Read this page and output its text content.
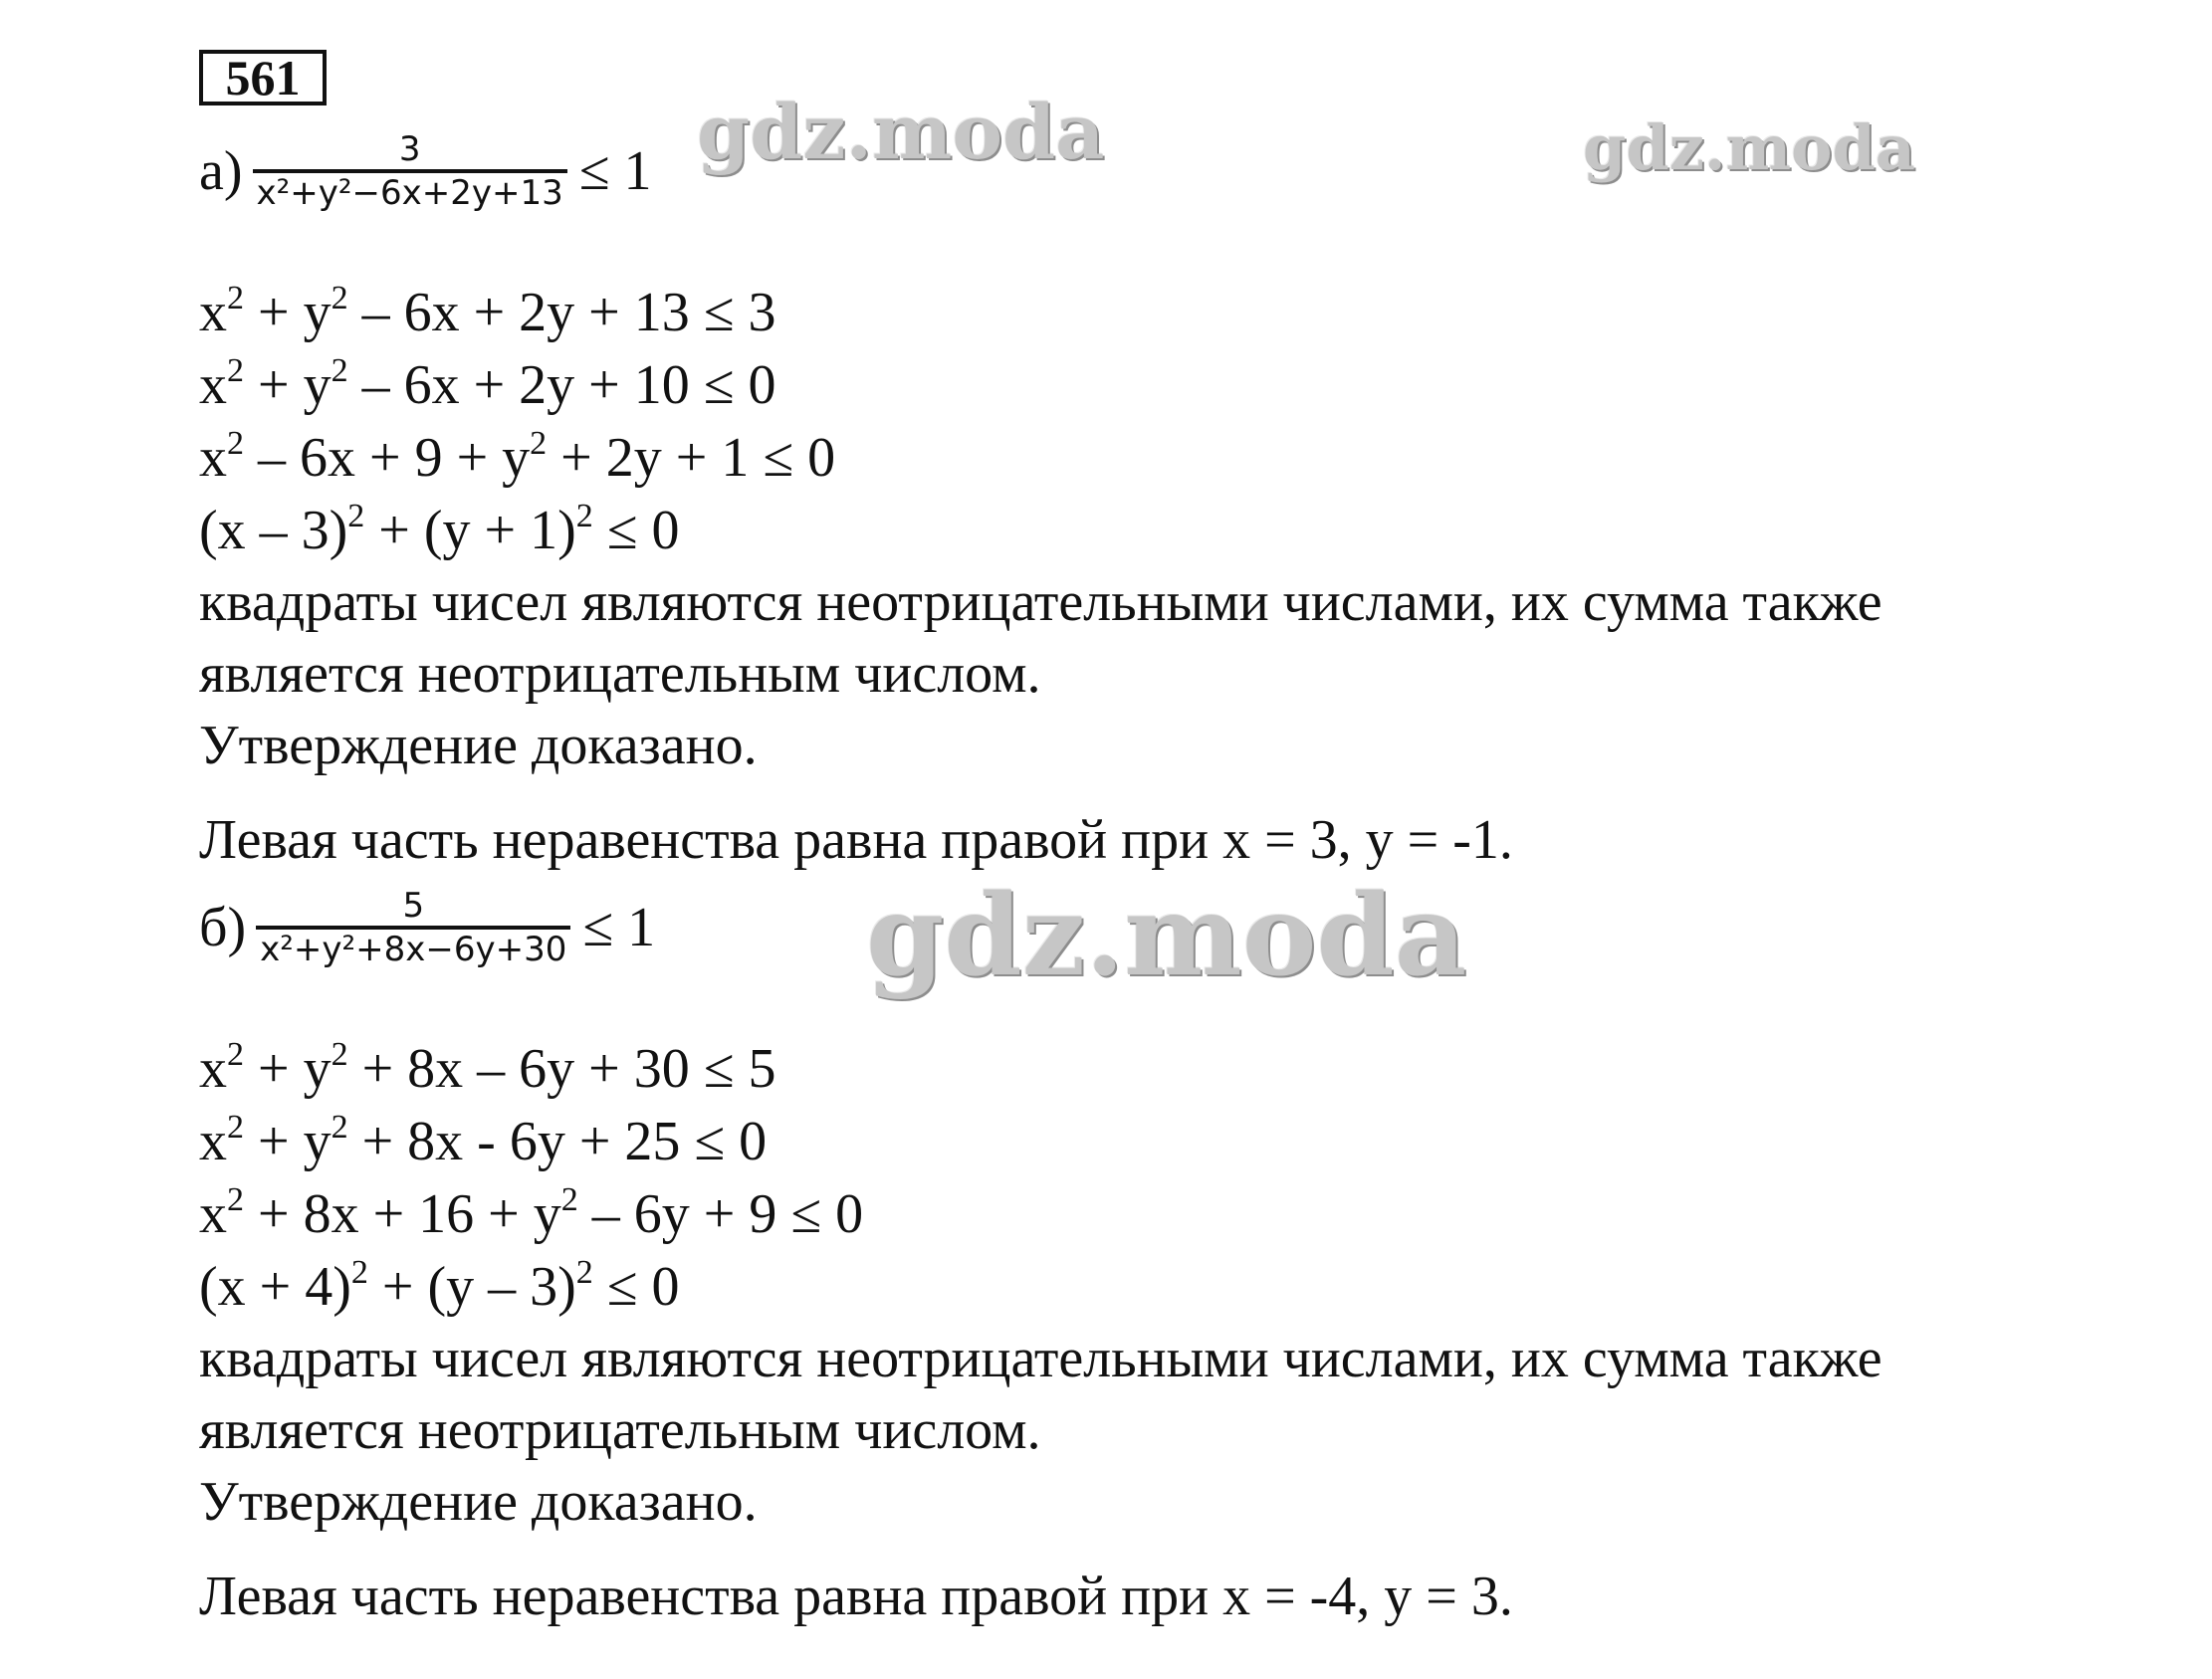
561
gdz.moda	gdz.moda
$а) \frac{3}{\text{x²+y²−6x+2y+13}} \le 1$
$x^2 + y^2 - 6x + 2y + 13 \le 3$
$x^2 + y^2 - 6x + 2y + 10 \le 0$
$x^2 - 6x + 9 + y^2 + 2y + 1 \le 0$
$(x - 3)^2 + (y + 1)^2 \le 0$
квадраты чисел являются неотрицательными числами, их сумма также
является неотрицательным числом.
Утверждение доказано.
Левая часть неравенства равна правой при x = 3, y = -1.
gdz.moda
$б) \frac{5}{\text{x²+y²+8x−6y+30}} \le 1$
$x^2 + y^2 + 8x - 6y + 30 \le 5$
$x^2 + y^2 + 8x - 6y + 25 \le 0$
$x^2 + 8x + 16 + y^2 - 6y + 9 \le 0$
$(x + 4)^2 + (y - 3)^2 \le 0$
квадраты чисел являются неотрицательными числами, их сумма также
является неотрицательным числом.
Утверждение доказано.
Левая часть неравенства равна правой при x = -4, y = 3.
